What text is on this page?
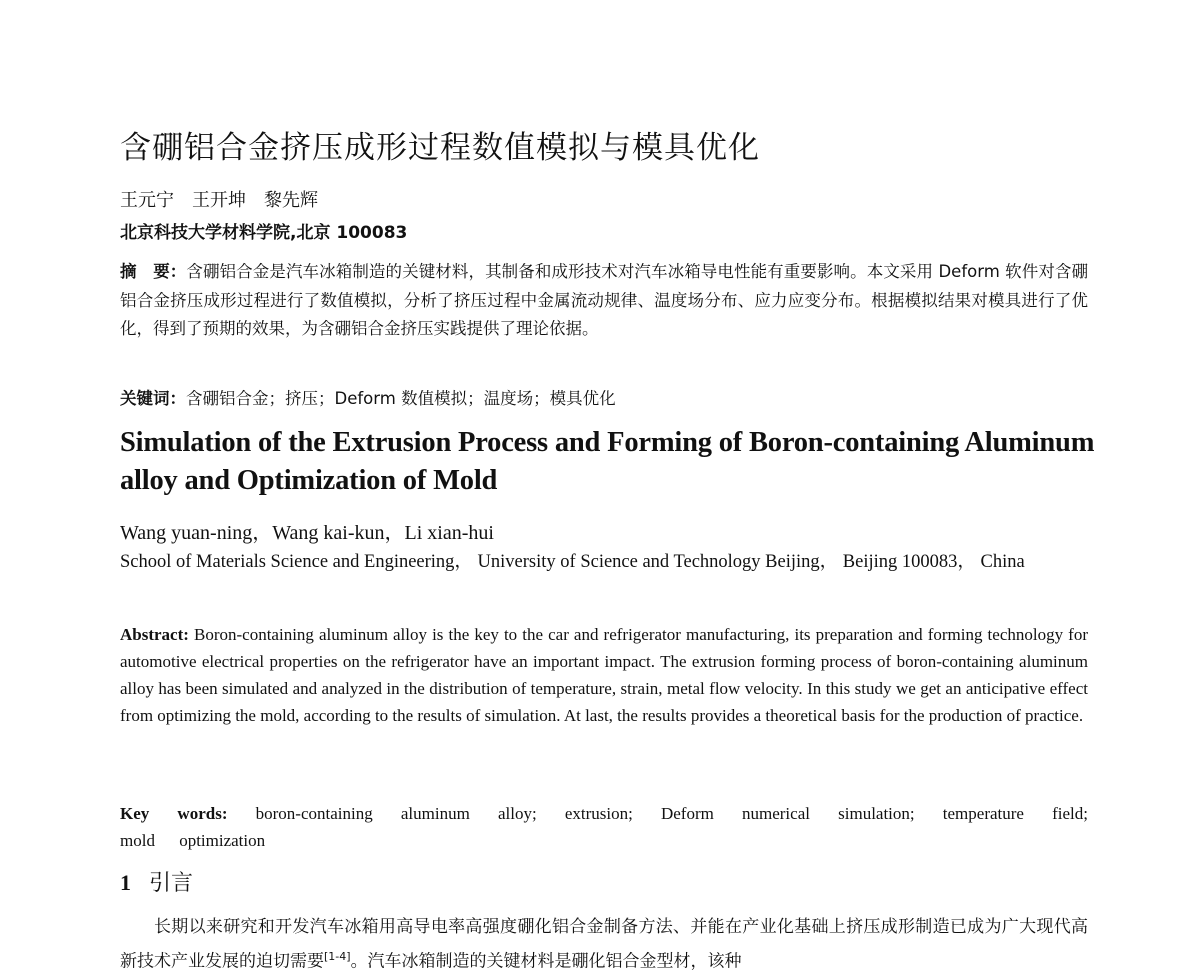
含硼铝合金挤压成形过程数值模拟与模具优化
王元宁　王开坤　黎先辉
北京科技大学材料学院,北京 100083
摘　要：含硼铝合金是汽车冰箱制造的关键材料，其制备和成形技术对汽车冰箱导电性能有重要影响。本文采用 Deform 软件对含硼铝合金挤压成形过程进行了数值模拟，分析了挤压过程中金属流动规律、温度场分布、应力应变分布。根据模拟结果对模具进行了优化，得到了预期的效果，为含硼铝合金挤压实践提供了理论依据。
关键词：含硼铝合金；挤压；Deform 数值模拟；温度场；模具优化
Simulation of the Extrusion Process and Forming of Boron-containing Aluminum alloy and Optimization of Mold
Wang yuan-ning，Wang kai-kun，Li xian-hui
School of Materials Science and Engineering， University of Science and Technology Beijing， Beijing 100083， China
Abstract: Boron-containing aluminum alloy is the key to the car and refrigerator manufacturing, its preparation and forming technology for automotive electrical properties on the refrigerator have an important impact. The extrusion forming process of boron-containing aluminum alloy has been simulated and analyzed in the distribution of temperature, strain, metal flow velocity. In this study we get an anticipative effect from optimizing the mold, according to the results of simulation. At last, the results provides a theoretical basis for the production of practice.
Key words: boron-containing aluminum alloy; extrusion; Deform numerical simulation; temperature field; mold optimization
1 引言
长期以来研究和开发汽车冰箱用高导电率高强度硼化铝合金制备方法、并能在产业化基础上挤压成形制造已成为广大现代高新技术产业发展的迫切需要[1-4]。汽车冰箱制造的关键材料是硼化铝合金型材，该种
